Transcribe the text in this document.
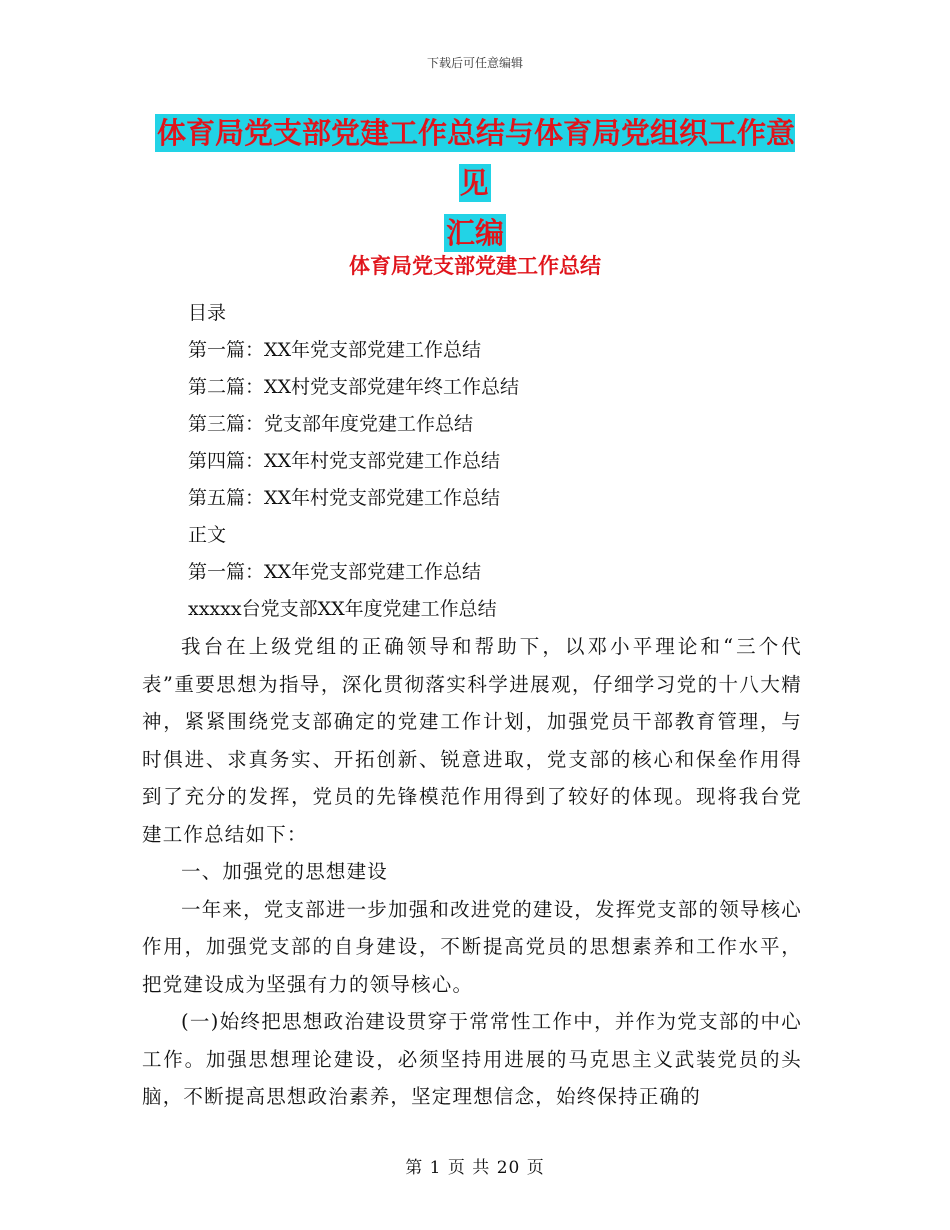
下载后可任意编辑
体育局党支部党建工作总结与体育局党组织工作意见
汇编
体育局党支部党建工作总结
目录
第一篇：XX年党支部党建工作总结
第二篇：XX村党支部党建年终工作总结
第三篇：党支部年度党建工作总结
第四篇：XX年村党支部党建工作总结
第五篇：XX年村党支部党建工作总结
正文
第一篇：XX年党支部党建工作总结
xxxxx台党支部XX年度党建工作总结

我台在上级党组的正确领导和帮助下，以邓小平理论和“三个代表”重要思想为指导，深化贯彻落实科学进展观，仔细学习党的十八大精神，紧紧围绕党支部确定的党建工作计划，加强党员干部教育管理，与时俱进、求真务实、开拓创新、锐意进取，党支部的核心和保垒作用得到了充分的发挥，党员的先锋模范作用得到了较好的体现。现将我台党建工作总结如下：

一、加强党的思想建设

一年来，党支部进一步加强和改进党的建设，发挥党支部的领导核心作用，加强党支部的自身建设，不断提高党员的思想素养和工作水平，把党建设成为坚强有力的领导核心。

(一)始终把思想政治建设贯穿于常常性工作中，并作为党支部的中心工作。加强思想理论建设，必须坚持用进展的马克思主义武装党员的头脑，不断提高思想政治素养，坚定理想信念，始终保持正确的

第 1 页 共 20 页
